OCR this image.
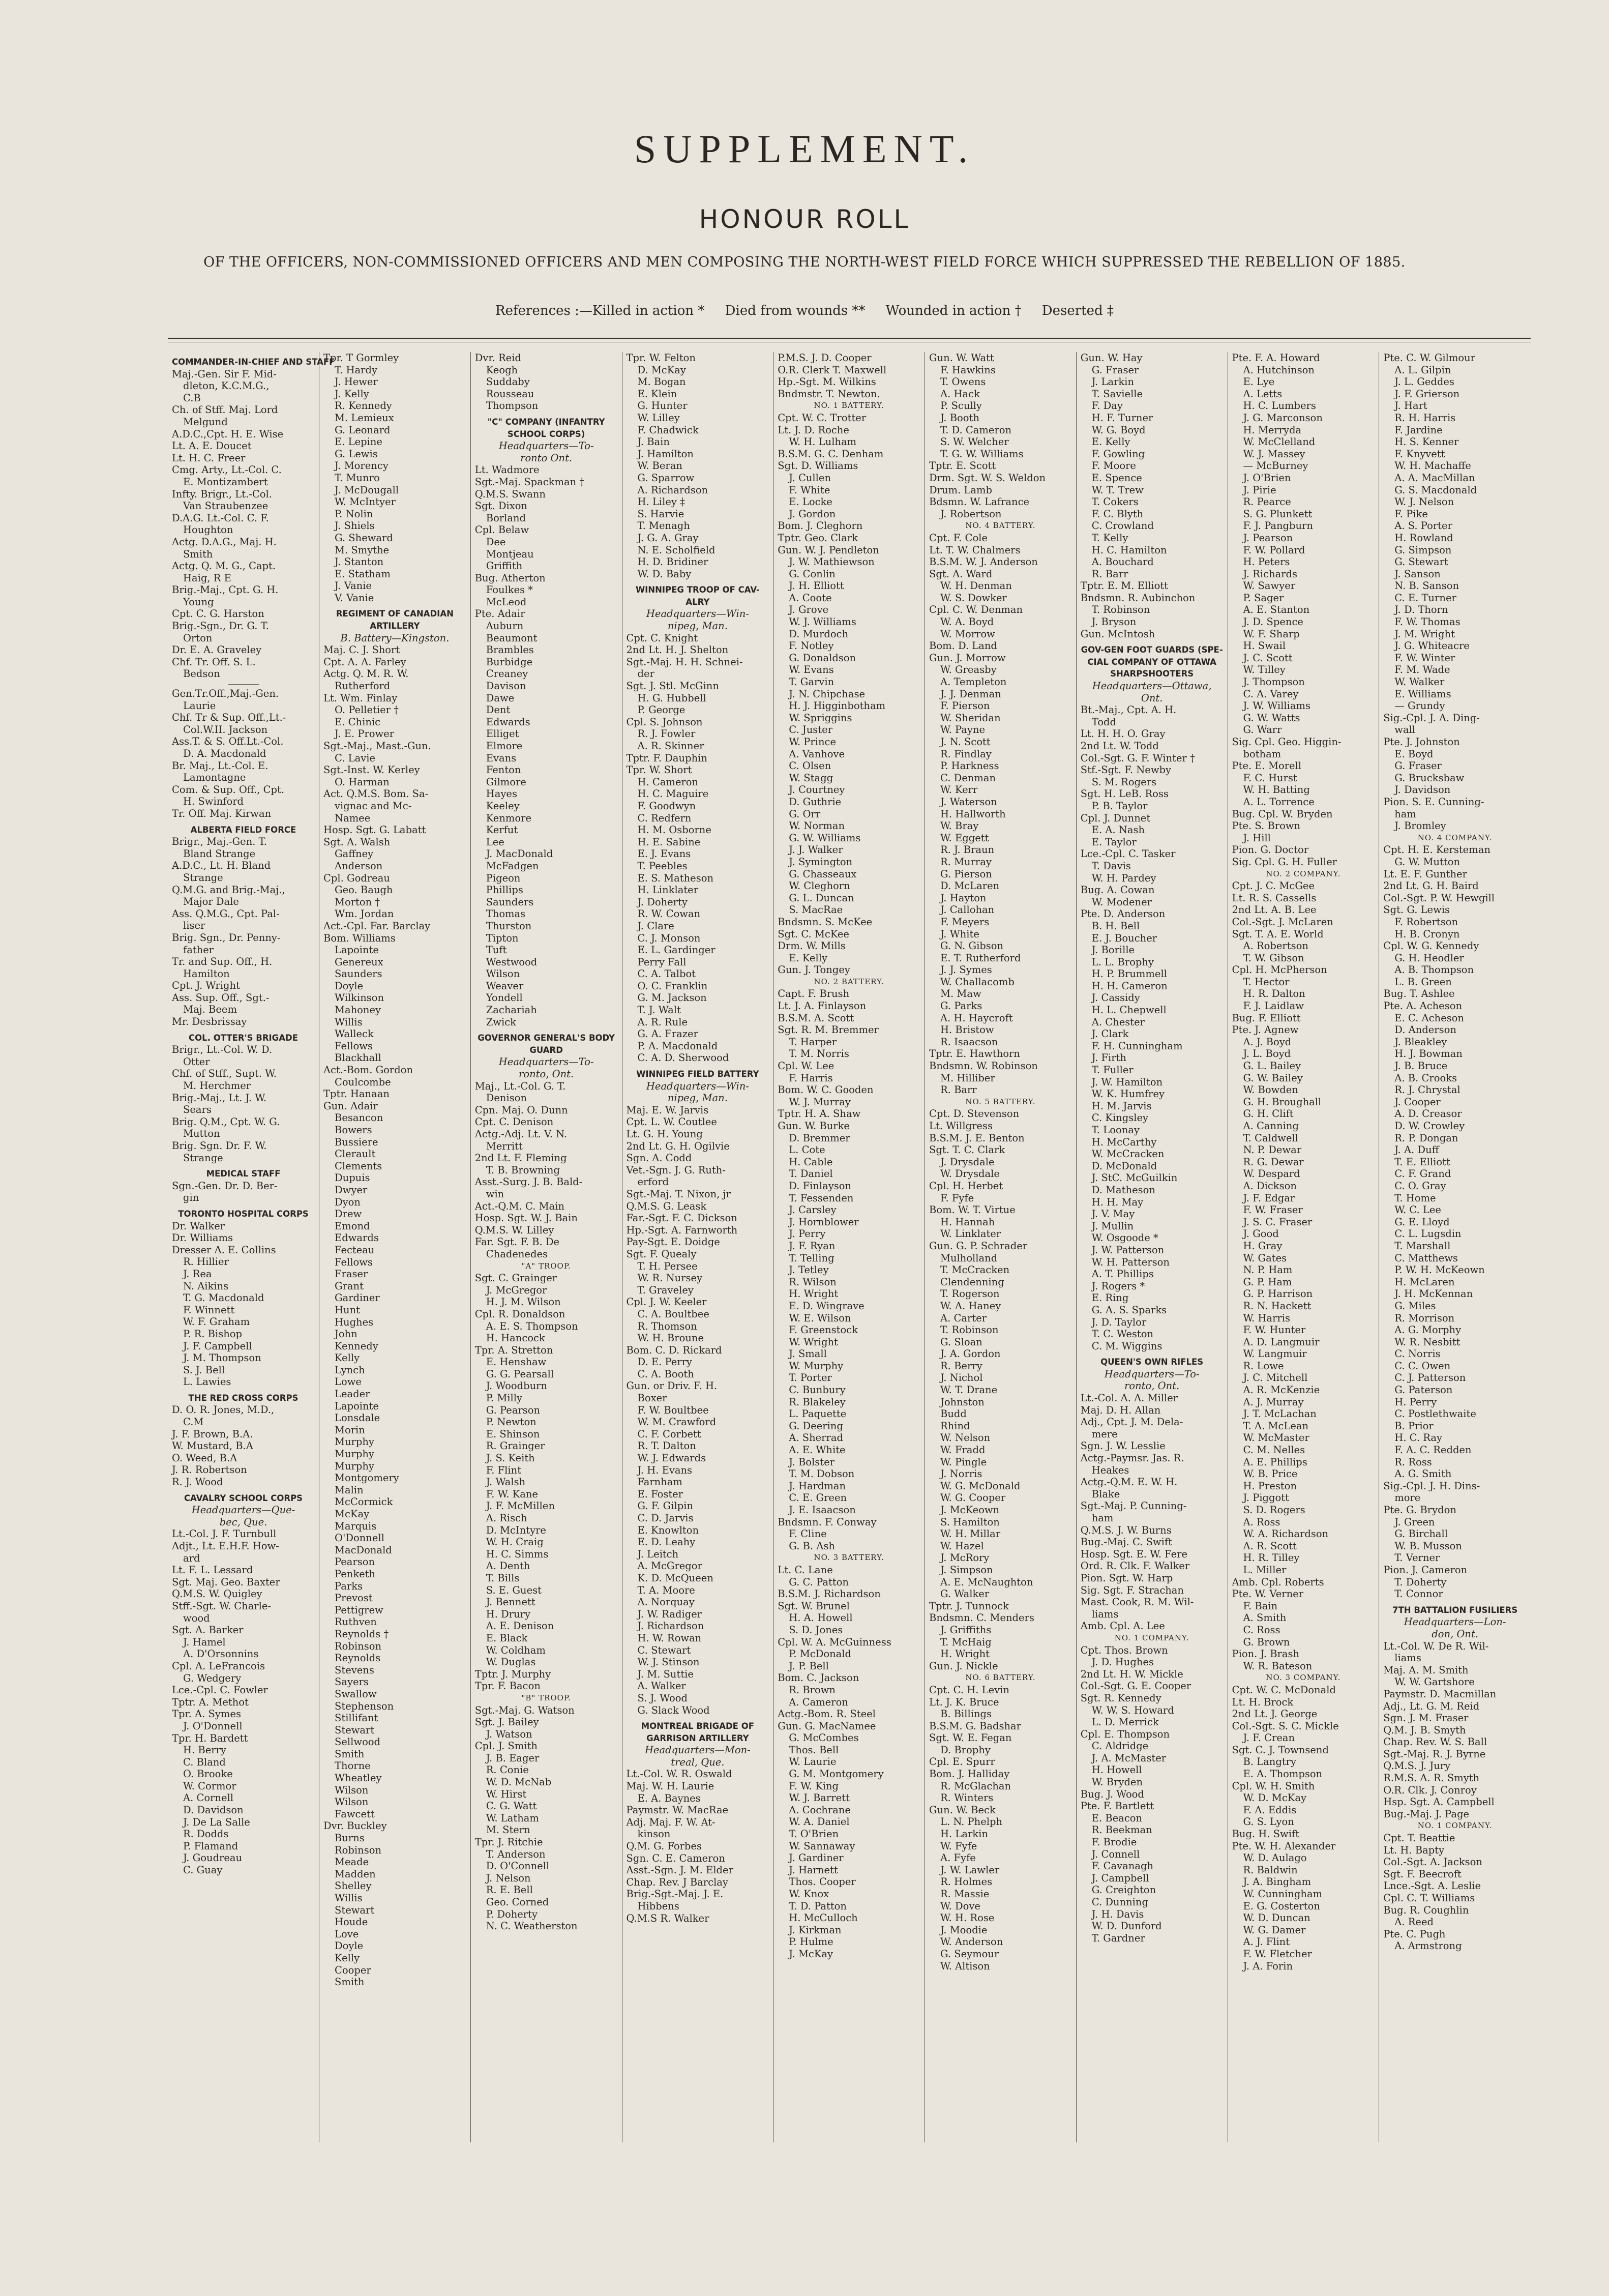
SUPPLEMENT.
HONOUR ROLL
OF THE OFFICERS, NON-COMMISSIONED OFFICERS AND MEN COMPOSING THE NORTH-WEST FIELD FORCE WHICH SUPPRESSED THE REBELLION OF 1885.
References :—Killed in action * Died from wounds ** Wounded in action † Deserted ‡
COMMANDER-IN-CHIEF AND STAFF
Maj.-Gen. Sir F. Mid-
dleton, K.C.M.G.,
C.B
Ch. of Stff. Maj. Lord
Melgund
A.D.C.,Cpt. H. E. Wise
Lt. A. E. Doucet
Lt. H. C. Freer
Cmg. Arty., Lt.-Col. C.
E. Montizambert
Infty. Brigr., Lt.-Col.
Van Straubenzee
D.A.G. Lt.-Col. C. F.
Houghton
Actg. D.A.G., Maj. H.
Smith
Actg. Q. M. G., Capt.
Haig, R E
Brig.-Maj., Cpt. G. H.
Young
Cpt. C. G. Harston
Brig.-Sgn., Dr. G. T.
Orton
Dr. E. A. Graveley
Chf. Tr. Off. S. L.
Bedson
Gen.Tr.Off.,Maj.-Gen.
Laurie
Chf. Tr & Sup. Off.,Lt.-
Col.W.II. Jackson
Ass.T. & S. Off.Lt.-Col.
D. A. Macdonald
Br. Maj., Lt.-Col. E.
Lamontagne
Com. & Sup. Off., Cpt.
H. Swinford
Tr. Off. Maj. Kirwan
ALBERTA FIELD FORCE
Brigr., Maj.-Gen. T.
Bland Strange
A.D.C., Lt. H. Bland
Strange
Q.M.G. and Brig.-Maj.,
Major Dale
Ass. Q.M.G., Cpt. Pal-
liser
Brig. Sgn., Dr. Penny-
father
Tr. and Sup. Off., H.
Hamilton
Cpt. J. Wright
Ass. Sup. Off., Sgt.-
Maj. Beem
Mr. Desbrissay
COL. OTTER'S BRIGADE
Brigr., Lt.-Col. W. D.
Otter
Chf. of Stff., Supt. W.
M. Herchmer
Brig.-Maj., Lt. J. W.
Sears
Brig. Q.M., Cpt. W. G.
Mutton
Brig. Sgn. Dr. F. W.
Strange
MEDICAL STAFF
Sgn.-Gen. Dr. D. Ber-
gin
TORONTO HOSPITAL CORPS
Dr. Walker
Dr. Williams
Dresser A. E. Collins
R. Hillier
J. Rea
N. Aikins
T. G. Macdonald
F. Winnett
W. F. Graham
P. R. Bishop
J. F. Campbell
J. M. Thompson
S. J. Bell
L. Lawies
THE RED CROSS CORPS
D. O. R. Jones, M.D.,
C.M
J. F. Brown, B.A.
W. Mustard, B.A
O. Weed, B.A
J. R. Robertson
R. J. Wood
CAVALRY SCHOOL CORPS
Headquarters—Que-
bec, Que.
Lt.-Col. J. F. Turnbull
Adjt., Lt. E.H.F. How-
ard
Lt. F. L. Lessard
Sgt. Maj. Geo. Baxter
Q.M.S. W. Quigley
Stff.-Sgt. W. Charle-
wood
Sgt. A. Barker
J. Hamel
A. D'Orsonnins
Cpl. A. LeFrancois
G. Wedgery
Lce.-Cpl. C. Fowler
Tptr. A. Methot
Tpr. A. Symes
J. O'Donnell
Tpr. H. Bardett
H. Berry
C. Bland
O. Brooke
W. Cormor
A. Cornell
D. Davidson
J. De La Salle
R. Dodds
P. Flamand
J. Goudreau
C. Guay
Tpr. T Gormley
T. Hardy
J. Hewer
J. Kelly
R. Kennedy
M. Lemieux
G. Leonard
E. Lepine
G. Lewis
J. Morency
T. Munro
J. McDougall
W. McIntyer
P. Nolin
J. Shiels
G. Sheward
M. Smythe
J. Stanton
E. Statham
J. Vanie
V. Vanie
REGIMENT OF CANADIAN
ARTILLERY
B. Battery—Kingston.
Maj. C. J. Short
Cpt. A. A. Farley
Actg. Q. M. R. W.
Rutherford
Lt. Wm. Finlay
O. Pelletier †
E. Chinic
J. E. Prower
Sgt.-Maj., Mast.-Gun.
C. Lavie
Sgt.-Inst. W. Kerley
O. Harman
Act. Q.M.S. Bom. Sa-
vignac and Mc-
Namee
Hosp. Sgt. G. Labatt
Sgt. A. Walsh
Gaffney
Anderson
Cpl. Godreau
Geo. Baugh
Morton †
Wm. Jordan
Act.-Cpl. Far. Barclay
Bom. Williams
Lapointe
Genereux
Saunders
Doyle
Wilkinson
Mahoney
Willis
Walleck
Fellows
Blackhall
Act.-Bom. Gordon
Coulcombe
Tptr. Hanaan
Gun. Adair
Besancon
Bowers
Bussiere
Clerault
Clements
Dupuis
Dwyer
Dyon
Drew
Emond
Edwards
Fecteau
Fellows
Fraser
Grant
Gardiner
Hunt
Hughes
John
Kennedy
Kelly
Lynch
Lowe
Leader
Lapointe
Lonsdale
Morin
Murphy
Murphy
Murphy
Montgomery
Malin
McCormick
McKay
Marquis
O'Donnell
MacDonald
Pearson
Penketh
Parks
Prevost
Pettigrew
Ruthven
Reynolds †
Robinson
Reynolds
Stevens
Sayers
Swallow
Stephenson
Stillifant
Stewart
Sellwood
Smith
Thorne
Wheatley
Wilson
Wilson
Fawcett
Dvr. Buckley
Burns
Robinson
Meade
Madden
Shelley
Willis
Stewart
Houde
Love
Doyle
Kelly
Cooper
Smith
Dvr. Reid
Keogh
Suddaby
Rousseau
Thompson
"C" COMPANY (INFANTRY
SCHOOL CORPS)
Headquarters—To-
ronto Ont.
Lt. Wadmore
Sgt.-Maj. Spackman †
Q.M.S. Swann
Sgt. Dixon
Borland
Cpl. Belaw
Dee
Montjeau
Griffith
Bug. Atherton
Foulkes *
McLeod
Pte. Adair
Auburn
Beaumont
Brambles
Burbidge
Creaney
Davison
Dawe
Dent
Edwards
Elliget
Elmore
Evans
Fenton
Gilmore
Hayes
Keeley
Kenmore
Kerfut
Lee
J. MacDonald
McFadgen
Pigeon
Phillips
Saunders
Thomas
Thurston
Tipton
Tuft
Westwood
Wilson
Weaver
Yondell
Zachariah
Zwick
GOVERNOR GENERAL'S BODY
GUARD
Headquarters—To-
ronto, Ont.
Maj., Lt.-Col. G. T.
Denison
Cpn. Maj. O. Dunn
Cpt. C. Denison
Actg.-Adj. Lt. V. N.
Merritt
2nd Lt. F. Fleming
T. B. Browning
Asst.-Surg. J. B. Bald-
win
Act.-Q.M. C. Main
Hosp. Sgt. W. J. Bain
Q.M.S. W. Lilley
Far. Sgt. F. B. De
Chadenedes
"A" TROOP.
Sgt. C. Grainger
J. McGregor
H. J. M. Wilson
Cpl. R. Donaldson
A. E. S. Thompson
H. Hancock
Tpr. A. Stretton
E. Henshaw
G. G. Pearsall
J. Woodburn
P. Milly
G. Pearson
P. Newton
E. Shinson
R. Grainger
J. S. Keith
F. Flint
J. Walsh
F. W. Kane
J. F. McMillen
A. Risch
D. McIntyre
W. H. Craig
H. C. Simms
A. Denth
T. Bills
S. E. Guest
J. Bennett
H. Drury
A. E. Denison
E. Black
W. Coldham
W. Duglas
Tptr. J. Murphy
Tpr. F. Bacon
"B" TROOP.
Sgt.-Maj. G. Watson
Sgt. J. Bailey
J. Watson
Cpl. J. Smith
J. B. Eager
R. Conie
W. D. McNab
W. Hirst
C. G. Watt
W. Latham
M. Stern
Tpr. J. Ritchie
T. Anderson
D. O'Connell
J. Nelson
R. E. Bell
Geo. Corned
P. Doherty
N. C. Weatherston
Tpr. W. Felton
D. McKay
M. Bogan
E. Klein
G. Hunter
W. Lilley
F. Chadwick
J. Bain
J. Hamilton
W. Beran
G. Sparrow
A. Richardson
H. Liley ‡
S. Harvie
T. Menagh
J. G. A. Gray
N. E. Scholfield
H. D. Bridiner
W. D. Baby
WINNIPEG TROOP OF CAV-
ALRY
Headquarters—Win-
nipeg, Man.
Cpt. C. Knight
2nd Lt. H. J. Shelton
Sgt.-Maj. H. H. Schnei-
der
Sgt. J. Stl. McGinn
H. G. Hubbell
P. George
Cpl. S. Johnson
R. J. Fowler
A. R. Skinner
Tptr. F. Dauphin
Tpr. W. Short
H. Cameron
H. C. Maguire
F. Goodwyn
C. Redfern
H. M. Osborne
H. E. Sabine
E. J. Evans
T. Peebles
E. S. Matheson
H. Linklater
J. Doherty
R. W. Cowan
J. Clare
C. J. Monson
E. L. Gardinger
Perry Fall
C. A. Talbot
O. C. Franklin
G. M. Jackson
T. J. Walt
A. R. Rule
G. A. Frazer
P. A. Macdonald
C. A. D. Sherwood
WINNIPEG FIELD BATTERY
Headquarters—Win-
nipeg, Man.
Maj. E. W. Jarvis
Cpt. L. W. Coutlee
Lt. G. H. Young
2nd Lt. G. H. Ogilvie
Sgn. A. Codd
Vet.-Sgn. J. G. Ruth-
erford
Sgt.-Maj. T. Nixon, jr
Q.M.S. G. Leask
Far.-Sgt. F. C. Dickson
Hp.-Sgt. A. Farnworth
Pay-Sgt. E. Doidge
Sgt. F. Quealy
T. H. Persee
W. R. Nursey
T. Graveley
Cpl. J. W. Keeler
C. A. Boultbee
R. Thomson
W. H. Broune
Bom. C. D. Rickard
D. E. Perry
C. A. Booth
Gun. or Driv. F. H.
Boxer
F. W. Boultbee
W. M. Crawford
C. F. Corbett
R. T. Dalton
W. J. Edwards
J. H. Evans
Farnham
E. Foster
G. F. Gilpin
C. D. Jarvis
E. Knowlton
E. D. Leahy
J. Leitch
A. McGregor
K. D. McQueen
T. A. Moore
A. Norquay
J. W. Radiger
J. Richardson
H. W. Rowan
C. Stewart
W. J. Stinson
J. M. Suttie
A. Walker
S. J. Wood
G. Slack Wood
MONTREAL BRIGADE OF
GARRISON ARTILLERY
Headquarters—Mon-
treal, Que.
Lt.-Col. W. R. Oswald
Maj. W. H. Laurie
E. A. Baynes
Paymstr. W. MacRae
Adj. Maj. F. W. At-
kinson
Q.M. G. Forbes
Sgn. C. E. Cameron
Asst.-Sgn. J. M. Elder
Chap. Rev. J Barclay
Brig.-Sgt.-Maj. J. E.
Hibbens
Q.M.S R. Walker
P.M.S. J. D. Cooper
O.R. Clerk T. Maxwell
Hp.-Sgt. M. Wilkins
Bndmstr. T. Newton.
NO. 1 BATTERY.
Cpt. W. C. Trotter
Lt. J. D. Roche
W. H. Lulham
B.S.M. G. C. Denham
Sgt. D. Williams
J. Cullen
F. White
E. Locke
J. Gordon
Bom. J. Cleghorn
Tptr. Geo. Clark
Gun. W. J. Pendleton
J. W. Mathiewson
G. Conlin
J. H. Elliott
A. Coote
J. Grove
W. J. Williams
D. Murdoch
F. Notley
G. Donaldson
W. Evans
T. Garvin
J. N. Chipchase
H. J. Higginbotham
W. Spriggins
C. Juster
W. Prince
A. Vanhove
C. Olsen
W. Stagg
J. Courtney
D. Guthrie
G. Orr
W. Norman
G. W. Williams
J. J. Walker
J. Symington
G. Chasseaux
W. Cleghorn
G. L. Duncan
S. MacRae
Bndsmn. S. McKee
Sgt. C. McKee
Drm. W. Mills
E. Kelly
Gun. J. Tongey
NO. 2 BATTERY.
Capt. F. Brush
Lt. J. A. Finlayson
B.S.M. A. Scott
Sgt. R. M. Bremmer
T. Harper
T. M. Norris
Cpl. W. Lee
F. Harris
Bom. W. C. Gooden
W. J. Murray
Tptr. H. A. Shaw
Gun. W. Burke
D. Bremmer
L. Cote
H. Cable
T. Daniel
D. Finlayson
T. Fessenden
J. Carsley
J. Hornblower
J. Perry
J. F. Ryan
T. Telling
J. Tetley
R. Wilson
H. Wright
E. D. Wingrave
W. E. Wilson
F. Greenstock
W. Wright
J. Small
W. Murphy
T. Porter
C. Bunbury
R. Blakeley
L. Paquette
G. Deering
A. Sherrad
A. E. White
J. Bolster
T. M. Dobson
J. Hardman
C. E. Green
J. E. Isaacson
Bndsmn. F. Conway
F. Cline
G. B. Ash
NO. 3 BATTERY.
Lt. C. Lane
G. C. Patton
B.S.M. J. Richardson
Sgt. W. Brunel
H. A. Howell
S. D. Jones
Cpl. W. A. McGuinness
P. McDonald
J. P. Bell
Bom. C. Jackson
R. Brown
A. Cameron
Actg.-Bom. R. Steel
Gun. G. MacNamee
G. McCombes
Thos. Bell
W. Laurie
G. M. Montgomery
F. W. King
W. J. Barrett
A. Cochrane
W. A. Daniel
T. O'Brien
W. Sannaway
J. Gardiner
J. Harnett
Thos. Cooper
W. Knox
T. D. Patton
H. McCulloch
J. Kirkman
P. Hulme
J. McKay
Gun. W. Watt
F. Hawkins
T. Owens
A. Hack
P. Scully
J. Booth
T. D. Cameron
S. W. Welcher
T. G. W. Williams
Tptr. E. Scott
Drm. Sgt. W. S. Weldon
Drum. Lamb
Bdsmn. W. Lafrance
J. Robertson
NO. 4 BATTERY.
Cpt. F. Cole
Lt. T. W. Chalmers
B.S.M. W. J. Anderson
Sgt. A. Ward
W. H. Denman
W. S. Dowker
Cpl. C. W. Denman
W. A. Boyd
W. Morrow
Bom. D. Land
Gun. J. Morrow
W. Greasby
A. Templeton
J. J. Denman
F. Pierson
W. Sheridan
W. Payne
J. N. Scott
R. Findlay
P. Harkness
C. Denman
W. Kerr
J. Waterson
H. Hallworth
W. Bray
W. Eggett
R. J. Braun
R. Murray
G. Pierson
D. McLaren
J. Hayton
J. Callohan
F. Meyers
J. White
G. N. Gibson
E. T. Rutherford
J. J. Symes
W. Challacomb
M. Maw
G. Parks
A. H. Haycroft
H. Bristow
R. Isaacson
Tptr. E. Hawthorn
Bndsmn. W. Robinson
M. Hilliber
R. Barr
NO. 5 BATTERY.
Cpt. D. Stevenson
Lt. Willgress
B.S.M. J. E. Benton
Sgt. T. C. Clark
J. Drysdale
W. Drysdale
Cpl. H. Herbet
F. Fyfe
Bom. W. T. Virtue
H. Hannah
W. Linklater
Gun. G. P. Schrader
Mulholland
T. McCracken
Clendenning
T. Rogerson
W. A. Haney
A. Carter
T. Robinson
G. Sloan
J. A. Gordon
R. Berry
J. Nichol
W. T. Drane
Johnston
Budd
Rhind
W. Nelson
W. Fradd
W. Pingle
J. Norris
W. G. McDonald
W. G. Cooper
J. McKeown
S. Hamilton
W. H. Millar
W. Hazel
J. McRory
J. Simpson
A. E. McNaughton
G. Walker
Tptr. J. Tunnock
Bndsmn. C. Menders
J. Griffiths
T. McHaig
H. Wright
Gun. J. Nickle
NO. 6 BATTERY.
Cpt. C. H. Levin
Lt. J. K. Bruce
B. Billings
B.S.M. G. Badshar
Sgt. W. E. Fegan
D. Brophy
Cpl. E. Spurr
Bom. J. Halliday
R. McGlachan
R. Winters
Gun. W. Beck
L. N. Phelph
H. Larkin
W. Fyfe
A. Fyfe
J. W. Lawler
R. Holmes
R. Massie
W. Dove
W. H. Rose
J. Moodie
W. Anderson
G. Seymour
W. Altison
Gun. W. Hay
G. Fraser
J. Larkin
T. Savielle
F. Day
H. F. Turner
W. G. Boyd
E. Kelly
F. Gowling
F. Moore
E. Spence
W. T. Trew
T. Cokers
F. C. Blyth
C. Crowland
T. Kelly
H. C. Hamilton
A. Bouchard
R. Barr
Tptr. E. M. Elliott
Bndsmn. R. Aubinchon
T. Robinson
J. Bryson
Gun. McIntosh
GOV-GEN FOOT GUARDS (SPE-
CIAL COMPANY OF OTTAWA
SHARPSHOOTERS
Headquarters—Ottawa,
Ont.
Bt.-Maj., Cpt. A. H.
Todd
Lt. H. H. O. Gray
2nd Lt. W. Todd
Col.-Sgt. G. F. Winter †
Stf.-Sgt. F. Newby
S. M. Rogers
Sgt. H. LeB. Ross
P. B. Taylor
Cpl. J. Dunnet
E. A. Nash
E. Taylor
Lce.-Cpl. C. Tasker
T. Davis
W. H. Pardey
Bug. A. Cowan
W. Modener
Pte. D. Anderson
B. H. Bell
E. J. Boucher
J. Borille
L. L. Brophy
H. P. Brummell
H. H. Cameron
J. Cassidy
H. L. Chepwell
A. Chester
J. Clark
F. H. Cunningham
J. Firth
T. Fuller
J. W. Hamilton
W. K. Humfrey
H. M. Jarvis
C. Kingsley
T. Loonay
H. McCarthy
W. McCracken
D. McDonald
J. StC. McGuilkin
D. Matheson
H. H. May
J. V. May
J. Mullin
W. Osgoode *
J. W. Patterson
W. H. Patterson
A. T. Phillips
J. Rogers *
E. Ring
G. A. S. Sparks
J. D. Taylor
T. C. Weston
C. M. Wiggins
QUEEN'S OWN RIFLES
Headquarters—To-
ronto, Ont.
Lt.-Col. A. A. Miller
Maj. D. H. Allan
Adj., Cpt. J. M. Dela-
mere
Sgn. J. W. Lesslie
Actg.-Paymsr. Jas. R.
Heakes
Actg.-Q.M. E. W. H.
Blake
Sgt.-Maj. P. Cunning-
ham
Q.M.S. J. W. Burns
Bug.-Maj. C. Swift
Hosp. Sgt. E. W. Fere
Ord. R. Clk. F. Walker
Pion. Sgt. W. Harp
Sig. Sgt. F. Strachan
Mast. Cook, R. M. Wil-
liams
Amb. Cpl. A. Lee
NO. 1 COMPANY.
Cpt. Thos. Brown
J. D. Hughes
2nd Lt. H. W. Mickle
Col.-Sgt. G. E. Cooper
Sgt. R. Kennedy
W. W. S. Howard
L. D. Merrick
Cpl. E. Thompson
C. Aldridge
J. A. McMaster
H. Howell
W. Bryden
Bug. J. Wood
Pte. F. Bartlett
E. Beacon
R. Beekman
F. Brodie
J. Connell
F. Cavanagh
J. Campbell
G. Creighton
C. Dunning
J. H. Davis
W. D. Dunford
T. Gardner
Pte. F. A. Howard
A. Hutchinson
E. Lye
A. Letts
H. C. Lumbers
J. G. Marconson
H. Merryda
W. McClelland
W. J. Massey
— McBurney
J. O'Brien
J. Pirie
R. Pearce
S. G. Plunkett
F. J. Pangburn
J. Pearson
F. W. Pollard
H. Peters
J. Richards
W. Sawyer
P. Sager
A. E. Stanton
J. D. Spence
W. F. Sharp
H. Swail
J. C. Scott
W. Tilley
J. Thompson
C. A. Varey
J. W. Williams
G. W. Watts
G. Warr
Sig. Cpl. Geo. Higgin-
botham
Pte. E. Morell
F. C. Hurst
W. H. Batting
A. L. Torrence
Bug. Cpl. W. Bryden
Pte. S. Brown
J. Hill
Pion. G. Doctor
Sig. Cpl. G. H. Fuller
NO. 2 COMPANY.
Cpt. J. C. McGee
Lt. R. S. Cassells
2nd Lt. A. B. Lee
Col.-Sgt. J. McLaren
Sgt. T. A. E. World
A. Robertson
T. W. Gibson
Cpl. H. McPherson
T. Hector
H. R. Dalton
F. J. Laidlaw
Bug. F. Elliott
Pte. J. Agnew
A. J. Boyd
J. L. Boyd
G. L. Bailey
G. W. Bailey
W. Bowden
G. H. Broughall
G. H. Clift
A. Canning
T. Caldwell
N. P. Dewar
R. G. Dewar
W. Despard
A. Dickson
J. F. Edgar
F. W. Fraser
J. S. C. Fraser
J. Good
H. Gray
W. Gates
N. P. Ham
G. P. Ham
G. P. Harrison
R. N. Hackett
W. Harris
F. W. Hunter
A. D. Langmuir
W. Langmuir
R. Lowe
J. C. Mitchell
A. R. McKenzie
A. J. Murray
J. T. McLachan
T. A. McLean
W. McMaster
C. M. Nelles
A. E. Phillips
W. B. Price
H. Preston
J. Piggott
S. D. Rogers
A. Ross
W. A. Richardson
A. R. Scott
H. R. Tilley
L. Miller
Amb. Cpl. Roberts
Pte. W. Verner
F. Bain
A. Smith
C. Ross
G. Brown
Pion. J. Brash
W. R. Bateson
NO. 3 COMPANY.
Cpt. W. C. McDonald
Lt. H. Brock
2nd Lt. J. George
Col.-Sgt. S. C. Mickle
J. F. Crean
Sgt. C. J. Townsend
B. Langtry
E. A. Thompson
Cpl. W. H. Smith
W. D. McKay
F. A. Eddis
G. S. Lyon
Bug. H. Swift
Pte. W. H. Alexander
W. D. Aulago
R. Baldwin
J. A. Bingham
W. Cunningham
E. G. Costerton
W. D. Duncan
W. G. Damer
A. J. Flint
F. W. Fletcher
J. A. Forin
Pte. C. W. Gilmour
A. L. Gilpin
J. L. Geddes
J. F. Grierson
J. Hart
R. H. Harris
F. Jardine
H. S. Kenner
F. Knyvett
W. H. Machaffe
A. A. MacMillan
G. S. Macdonald
W. J. Nelson
F. Pike
A. S. Porter
H. Rowland
G. Simpson
G. Stewart
J. Sanson
N. B. Sanson
C. E. Turner
J. D. Thorn
F. W. Thomas
J. M. Wright
J. G. Whiteacre
F. W. Winter
F. M. Wade
W. Walker
E. Williams
— Grundy
Sig.-Cpl. J. A. Ding-
wall
Pte. J. Johnston
E. Boyd
G. Fraser
G. Brucksbaw
J. Davidson
Pion. S. E. Cunning-
ham
J. Bromley
NO. 4 COMPANY.
Cpt. H. E. Kersteman
G. W. Mutton
Lt. E. F. Gunther
2nd Lt. G. H. Baird
Col.-Sgt. P. W. Hewgill
Sgt. G. Lewis
F. Robertson
H. B. Cronyn
Cpl. W. G. Kennedy
G. H. Heodler
A. B. Thompson
L. B. Green
Bug. T. Ashlee
Pte. A. Acheson
E. C. Acheson
D. Anderson
J. Bleakley
H. J. Bowman
J. B. Bruce
A. B. Crooks
R. J. Chrystal
J. Cooper
A. D. Creasor
D. W. Crowley
R. P. Dongan
J. A. Duff
T. E. Elliott
C. F. Grand
C. O. Gray
T. Home
W. C. Lee
G. E. Lloyd
C. L. Lugsdin
T. Marshall
C. Matthews
P. W. H. McKeown
H. McLaren
J. H. McKennan
G. Miles
R. Morrison
A. G. Morphy
W. R. Nesbitt
C. Norris
C. C. Owen
C. J. Patterson
G. Paterson
H. Perry
C. Postlethwaite
B. Prior
H. C. Ray
F. A. C. Redden
R. Ross
A. G. Smith
Sig.-Cpl. J. H. Dins-
more
Pte. G. Brydon
J. Green
G. Birchall
W. B. Musson
T. Verner
Pion. J. Cameron
T. Doherty
T. Connor
7TH BATTALION FUSILIERS
Headquarters—Lon-
don, Ont.
Lt.-Col. W. De R. Wil-
liams
Maj. A. M. Smith
W. W. Gartshore
Paymstr. D. Macmillan
Adj., Lt. G. M. Reid
Sgn. J. M. Fraser
Q.M. J. B. Smyth
Chap. Rev. W. S. Ball
Sgt.-Maj. R. J. Byrne
Q.M.S. J. Jury
R.M.S. A. R. Smyth
O.R. Clk. J. Conroy
Hsp. Sgt. A. Campbell
Bug.-Maj. J. Page
NO. 1 COMPANY.
Cpt. T. Beattie
Lt. H. Bapty
Col.-Sgt. A. Jackson
Sgt. F. Beecroft
Lnce.-Sgt. A. Leslie
Cpl. C. T. Williams
Bug. R. Coughlin
A. Reed
Pte. C. Pugh
A. Armstrong
